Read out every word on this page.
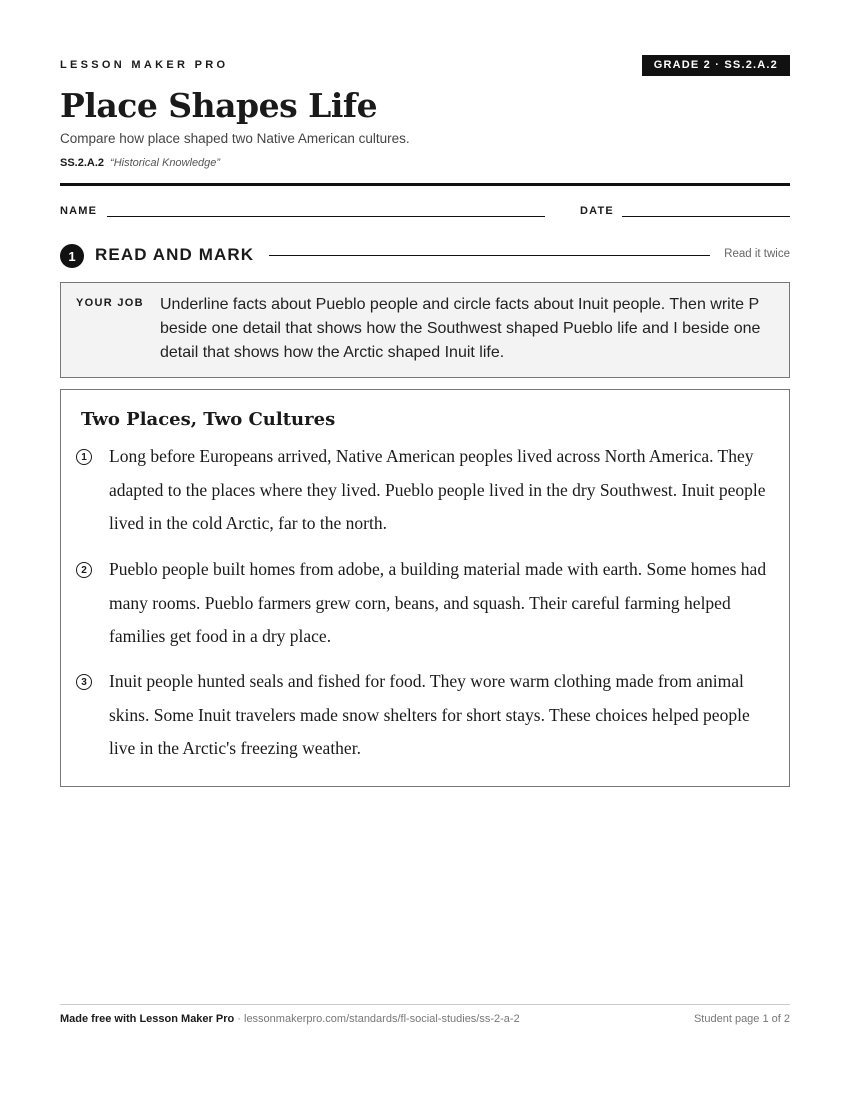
LESSON MAKER PRO	GRADE 2 · SS.2.A.2
Place Shapes Life
Compare how place shaped two Native American cultures.
SS.2.A.2 “Historical Knowledge”
NAME	DATE
1	READ AND MARK	Read it twice
YOUR JOB Underline facts about Pueblo people and circle facts about Inuit people. Then write P beside one detail that shows how the Southwest shaped Pueblo life and I beside one detail that shows how the Arctic shaped Inuit life.
Two Places, Two Cultures
1 Long before Europeans arrived, Native American peoples lived across North America. They adapted to the places where they lived. Pueblo people lived in the dry Southwest. Inuit people lived in the cold Arctic, far to the north.
2 Pueblo people built homes from adobe, a building material made with earth. Some homes had many rooms. Pueblo farmers grew corn, beans, and squash. Their careful farming helped families get food in a dry place.
3 Inuit people hunted seals and fished for food. They wore warm clothing made from animal skins. Some Inuit travelers made snow shelters for short stays. These choices helped people live in the Arctic's freezing weather.
Made free with Lesson Maker Pro · lessonmakerpro.com/standards/fl-social-studies/ss-2-a-2	Student page 1 of 2
